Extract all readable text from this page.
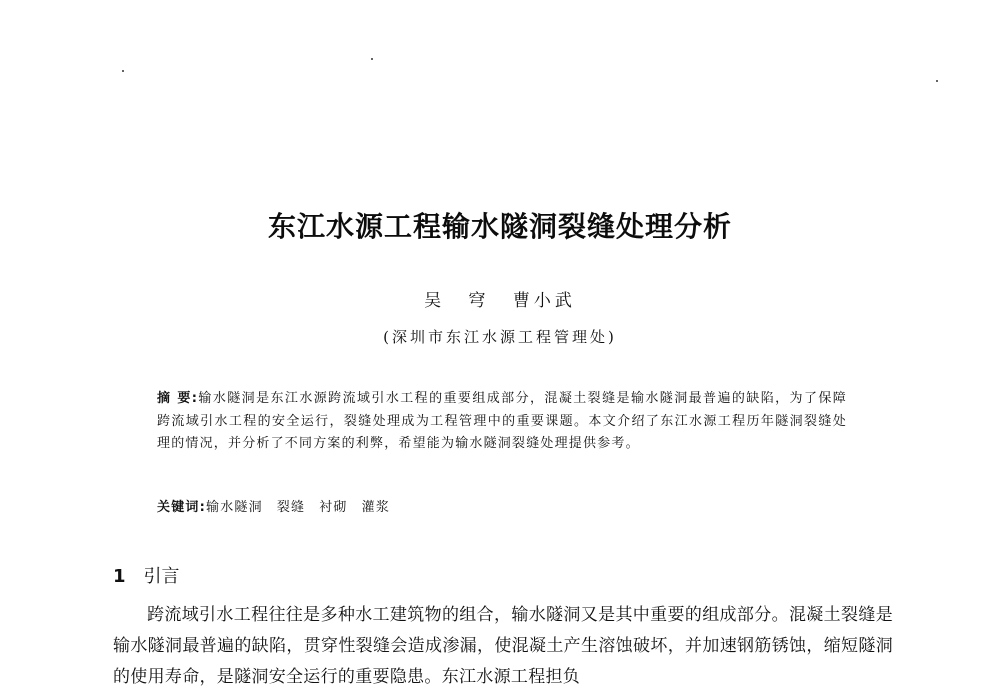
东江水源工程输水隧洞裂缝处理分析
吴 穹 曹小武
(深圳市东江水源工程管理处)
摘 要:输水隧洞是东江水源跨流域引水工程的重要组成部分，混凝土裂缝是输水隧洞最普遍的缺陷，为了保障跨流域引水工程的安全运行，裂缝处理成为工程管理中的重要课题。本文介绍了东江水源工程历年隧洞裂缝处理的情况，并分析了不同方案的利弊，希望能为输水隧洞裂缝处理提供参考。
关键词:输水隧洞 裂缝 衬砌 灌浆
1 引言
跨流域引水工程往往是多种水工建筑物的组合，输水隧洞又是其中重要的组成部分。混凝土裂缝是输水隧洞最普遍的缺陷，贯穿性裂缝会造成渗漏，使混凝土产生溶蚀破坏，并加速钢筋锈蚀，缩短隧洞的使用寿命，是隧洞安全运行的重要隐患。东江水源工程担负
